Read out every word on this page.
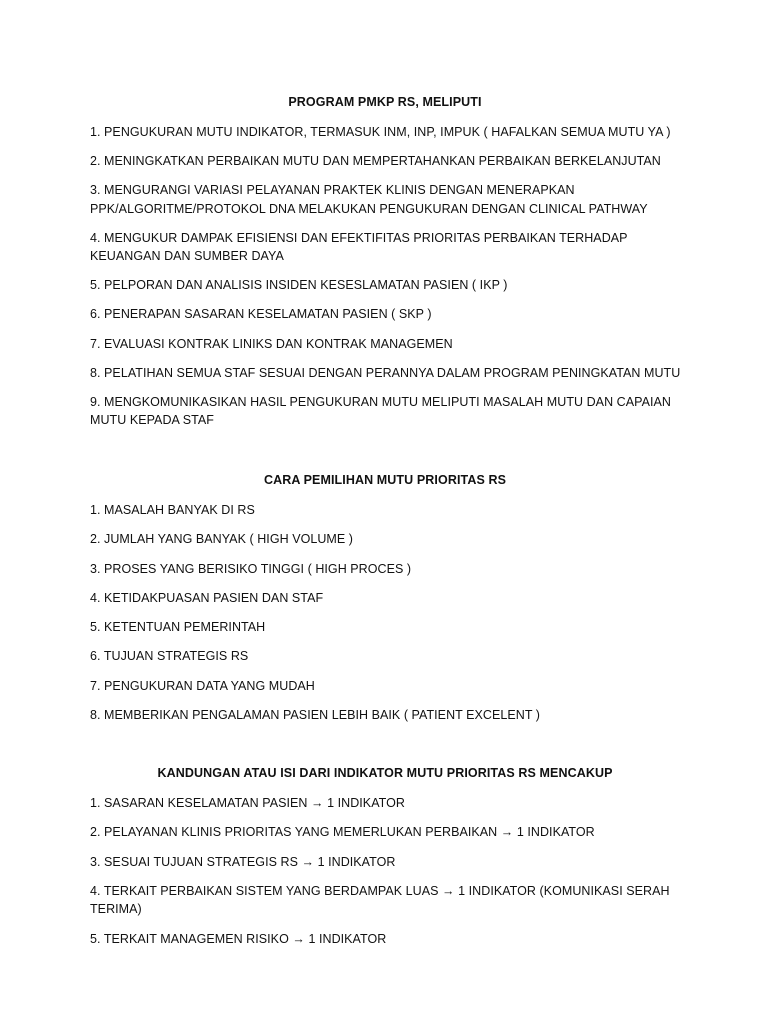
PROGRAM PMKP RS, MELIPUTI
1. PENGUKURAN MUTU INDIKATOR, TERMASUK INM, INP, IMPUK ( HAFALKAN SEMUA MUTU YA )
2. MENINGKATKAN PERBAIKAN MUTU DAN MEMPERTAHANKAN PERBAIKAN BERKELANJUTAN
3. MENGURANGI VARIASI PELAYANAN PRAKTEK KLINIS DENGAN MENERAPKAN PPK/ALGORITME/PROTOKOL DNA MELAKUKAN PENGUKURAN DENGAN CLINICAL PATHWAY
4. MENGUKUR DAMPAK EFISIENSI DAN EFEKTIFITAS PRIORITAS PERBAIKAN TERHADAP KEUANGAN DAN SUMBER DAYA
5. PELPORAN DAN ANALISIS INSIDEN KESESLAMATAN PASIEN ( IKP )
6. PENERAPAN SASARAN KESELAMATAN PASIEN ( SKP )
7. EVALUASI KONTRAK LINIKS DAN KONTRAK MANAGEMEN
8. PELATIHAN SEMUA STAF SESUAI DENGAN PERANNYA DALAM PROGRAM PENINGKATAN MUTU
9. MENGKOMUNIKASIKAN HASIL PENGUKURAN MUTU MELIPUTI MASALAH MUTU DAN CAPAIAN MUTU KEPADA STAF
CARA PEMILIHAN MUTU PRIORITAS RS
1. MASALAH BANYAK DI RS
2. JUMLAH YANG BANYAK ( HIGH VOLUME )
3. PROSES YANG BERISIKO TINGGI ( HIGH PROCES )
4. KETIDAKPUASAN PASIEN DAN STAF
5. KETENTUAN PEMERINTAH
6. TUJUAN STRATEGIS RS
7. PENGUKURAN DATA YANG MUDAH
8. MEMBERIKAN PENGALAMAN PASIEN LEBIH BAIK ( PATIENT EXCELENT )
KANDUNGAN ATAU ISI DARI INDIKATOR MUTU PRIORITAS RS MENCAKUP
1. SASARAN KESELAMATAN PASIEN → 1 INDIKATOR
2. PELAYANAN KLINIS PRIORITAS YANG MEMERLUKAN PERBAIKAN → 1 INDIKATOR
3. SESUAI TUJUAN STRATEGIS RS → 1 INDIKATOR
4. TERKAIT PERBAIKAN SISTEM YANG BERDAMPAK LUAS → 1 INDIKATOR (KOMUNIKASI SERAH TERIMA)
5. TERKAIT MANAGEMEN RISIKO → 1 INDIKATOR
